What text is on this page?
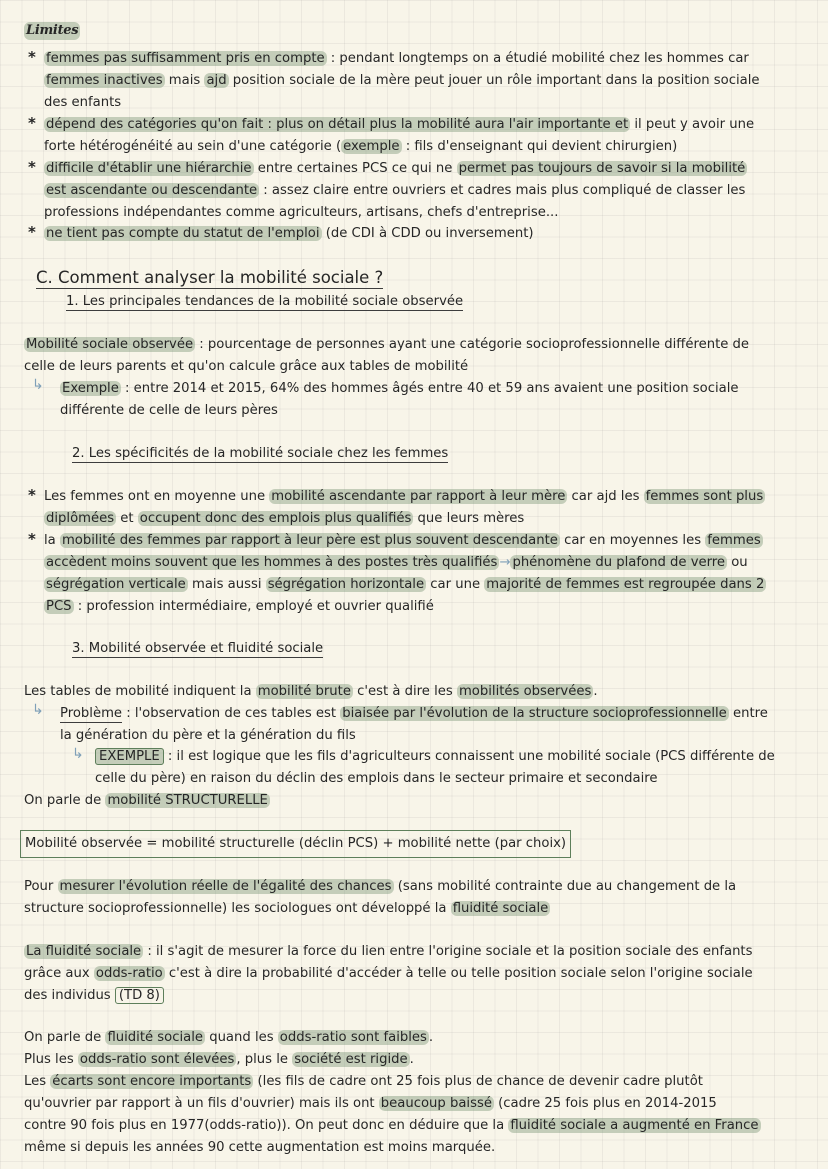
Limites
* femmes pas suffisamment pris en compte : pendant longtemps on a étudié mobilité chez les hommes car
femmes inactives mais ajd position sociale de la mère peut jouer un rôle important dans la position sociale
des enfants
* dépend des catégories qu'on fait : plus on détail plus la mobilité aura l'air importante et il peut y avoir une
forte hétérogénéité au sein d'une catégorie ( exemple : fils d'enseignant qui devient chirurgien)
* difficile d'établir une hiérarchie entre certaines PCS ce qui ne permet pas toujours de savoir si la mobilité
est ascendante ou descendante : assez claire entre ouvriers et cadres mais plus compliqué de classer les
professions indépendantes comme agriculteurs, artisans, chefs d'entreprise...
* ne tient pas compte du statut de l'emploi (de CDI à CDD ou inversement)
C. Comment analyser la mobilité sociale ?
1. Les principales tendances de la mobilité sociale observée
Mobilité sociale observée : pourcentage de personnes ayant une catégorie socioprofessionnelle différente de
celle de leurs parents et qu'on calcule grâce aux tables de mobilité
↳ Exemple : entre 2014 et 2015, 64% des hommes âgés entre 40 et 59 ans avaient une position sociale
différente de celle de leurs pères
2. Les spécificités de la mobilité sociale chez les femmes
* Les femmes ont en moyenne une mobilité ascendante par rapport à leur mère car ajd les femmes sont plus
diplômées et occupent donc des emplois plus qualifiés que leurs mères
* la mobilité des femmes par rapport à leur père est plus souvent descendante car en moyennes les femmes
accèdent moins souvent que les hommes à des postes très qualifiés → phénomène du plafond de verre ou
ségrégation verticale mais aussi ségrégation horizontale car une majorité de femmes est regroupée dans 2
PCS : profession intermédiaire, employé et ouvrier qualifié
3. Mobilité observée et fluidité sociale
Les tables de mobilité indiquent la mobilité brute c'est à dire les mobilités observées .
↳ Problème : l'observation de ces tables est biaisée par l'évolution de la structure socioprofessionnelle entre
la génération du père et la génération du fils
↳	EXEMPLE : il est logique que les fils d'agriculteurs connaissent une mobilité sociale (PCS différente de
celle du père) en raison du déclin des emplois dans le secteur primaire et secondaire
On parle de mobilité STRUCTURELLE
Mobilité observée = mobilité structurelle (déclin PCS) + mobilité nette (par choix)
Pour mesurer l'évolution réelle de l'égalité des chances (sans mobilité contrainte due au changement de la
structure socioprofessionnelle) les sociologues ont développé la fluidité sociale
La fluidité sociale : il s'agit de mesurer la force du lien entre l'origine sociale et la position sociale des enfants
grâce aux odds-ratio c'est à dire la probabilité d'accéder à telle ou telle position sociale selon l'origine sociale
des individus (TD 8)
On parle de fluidité sociale quand les odds-ratio sont faibles .
Plus les odds-ratio sont élevées , plus le société est rigide .
Les écarts sont encore importants (les fils de cadre ont 25 fois plus de chance de devenir cadre plutôt
qu'ouvrier par rapport à un fils d'ouvrier) mais ils ont beaucoup baissé (cadre 25 fois plus en 2014-2015
contre 90 fois plus en 1977(odds-ratio)). On peut donc en déduire que la fluidité sociale a augmenté en France
même si depuis les années 90 cette augmentation est moins marquée.
